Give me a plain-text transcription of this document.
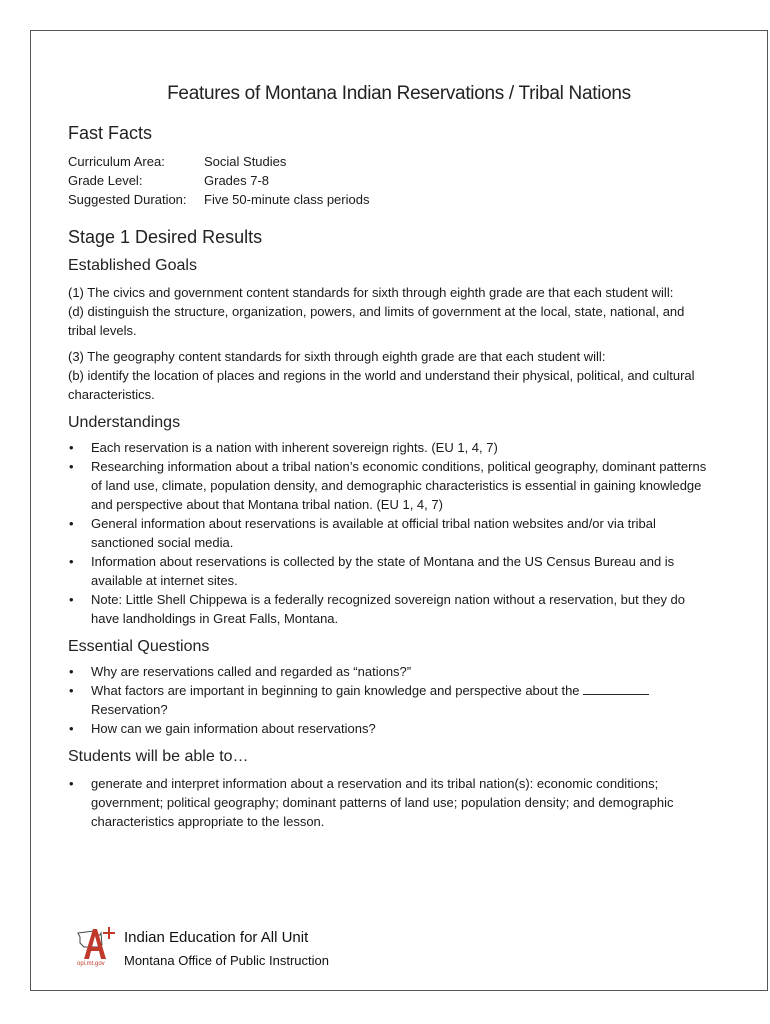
Features of Montana Indian Reservations / Tribal Nations
Fast Facts
Curriculum Area:	Social Studies
Grade Level:	Grades 7-8
Suggested Duration:	Five 50-minute class periods
Stage 1 Desired Results
Established Goals

(1) The civics and government content standards for sixth through eighth grade are that each student will:

(d) distinguish the structure, organization, powers, and limits of government at the local, state, national, and tribal levels.

(3) The geography content standards for sixth through eighth grade are that each student will:

(b) identify the location of places and regions in the world and understand their physical, political, and cultural characteristics.

Understandings
• Each reservation is a nation with inherent sovereign rights. (EU 1, 4, 7)
• Researching information about a tribal nation’s economic conditions, political geography, dominant patterns of land use, climate, population density, and demographic characteristics is essential in gaining knowledge and perspective about that Montana tribal nation. (EU 1, 4, 7)
• General information about reservations is available at official tribal nation websites and/or via tribal sanctioned social media.
• Information about reservations is collected by the state of Montana and the US Census Bureau and is available at internet sites.
• Note: Little Shell Chippewa is a federally recognized sovereign nation without a reservation, but they do have landholdings in Great Falls, Montana.
Essential Questions
• Why are reservations called and regarded as “nations?”
• What factors are important in beginning to gain knowledge and perspective about the
Reservation?
• How can we gain information about reservations?
Students will be able to…
• generate and interpret information about a reservation and its tribal nation(s): economic conditions; government; political geography; dominant patterns of land use; population density; and demographic characteristics appropriate to the lesson.
opi.mt.gov
Indian Education for All Unit
Montana Office of Public Instruction
